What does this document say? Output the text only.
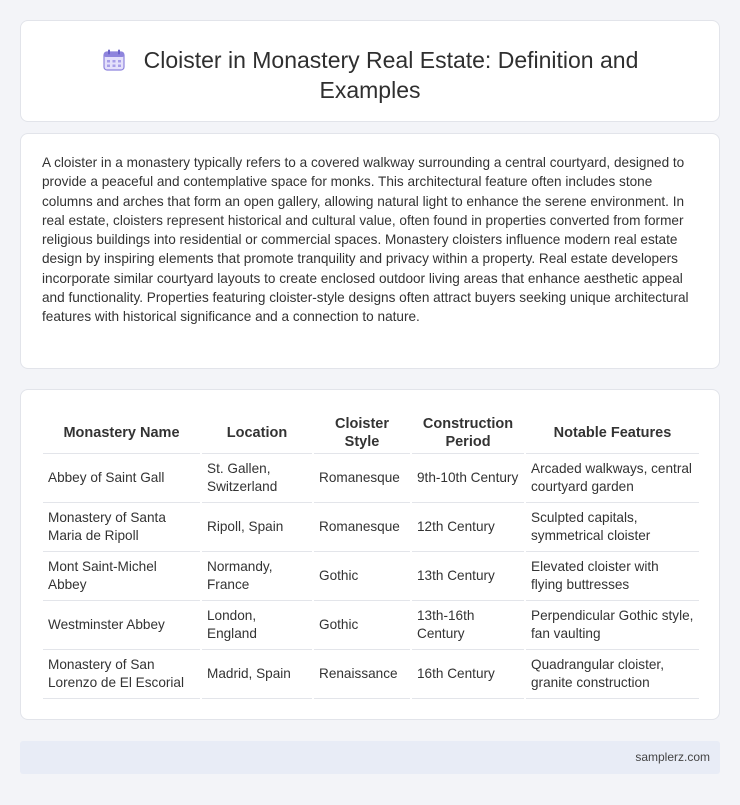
Cloister in Monastery Real Estate: Definition and Examples

A cloister in a monastery typically refers to a covered walkway surrounding a central courtyard, designed to provide a peaceful and contemplative space for monks. This architectural feature often includes stone columns and arches that form an open gallery, allowing natural light to enhance the serene environment. In real estate, cloisters represent historical and cultural value, often found in properties converted from former religious buildings into residential or commercial spaces. Monastery cloisters influence modern real estate design by inspiring elements that promote tranquility and privacy within a property. Real estate developers incorporate similar courtyard layouts to create enclosed outdoor living areas that enhance aesthetic appeal and functionality. Properties featuring cloister-style designs often attract buyers seeking unique architectural features with historical significance and a connection to nature.

Monastery Name	Location	Cloister Style	Construction Period	Notable Features
Abbey of Saint Gall	St. Gallen, Switzerland	Romanesque	9th-10th Century	Arcaded walkways, central courtyard garden
Monastery of Santa Maria de Ripoll	Ripoll, Spain	Romanesque	12th Century	Sculpted capitals, symmetrical cloister
Mont Saint-Michel Abbey	Normandy, France	Gothic	13th Century	Elevated cloister with flying buttresses
Westminster Abbey	London, England	Gothic	13th-16th Century	Perpendicular Gothic style, fan vaulting
Monastery of San Lorenzo de El Escorial	Madrid, Spain	Renaissance	16th Century	Quadrangular cloister, granite construction
samplerz.com
